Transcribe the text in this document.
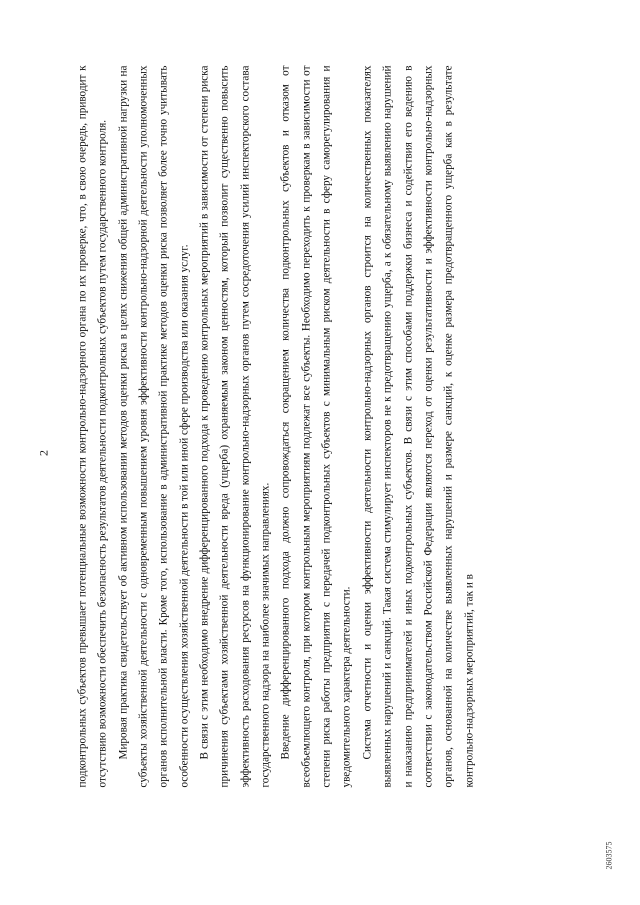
2	подконтрольных субъектов превышает потенциальные возможности контрольно-надзорного органа по их проверке, что, в свою очередь, приводит к отсутствию возможности обеспечить безопасность результатов деятельности подконтрольных субъектов путем государственного контроля. Мировая практика свидетельствует об активном использовании методов оценки риска в целях снижения общей административной нагрузки на субъекты хозяйственной деятельности с одновременным повышением уровня эффективности контрольно-надзорной деятельности уполномоченных органов исполнительной власти. Кроме того, использование в административной практике методов оценки риска позволяет более точно учитывать особенности осуществления хозяйственной деятельности в той или иной сфере производства или оказания услуг. В связи с этим необходимо внедрение дифференцированного подхода к проведению контрольных мероприятий в зависимости от степени риска причинения субъектами хозяйственной деятельности вреда (ущерба) охраняемым законом ценностям, который позволит существенно повысить эффективность расходования ресурсов на функционирование контрольно-надзорных органов путем сосредоточения усилий инспекторского состава государственного надзора на наиболее значимых направлениях. Введение дифференцированного подхода должно сопровождаться сокращением количества подконтрольных субъектов и отказом от всеобъемлющего контроля, при котором контрольным мероприятиям подлежат все субъекты. Необходимо переходить к проверкам в зависимости от степени риска работы предприятия с передачей подконтрольных субъектов с минимальным риском деятельности в сферу саморегулирования и уведомительного характера деятельности. Система отчетности и оценки эффективности деятельности контрольно-надзорных органов строится на количественных показателях выявленных нарушений и санкций. Такая система стимулирует инспекторов не к предотвращению ущерба, а к обязательному выявлению нарушений и наказанию предпринимателей и иных подконтрольных субъектов. В связи с этим способами поддержки бизнеса и содействия его ведению в соответствии с законодательством Российской Федерации являются переход от оценки результативности и эффективности контрольно-надзорных органов, основанной на количестве выявленных нарушений и размере санкций, к оценке размера предотвращенного ущерба как в результате контрольно-надзорных мероприятий, так и в

2603575
